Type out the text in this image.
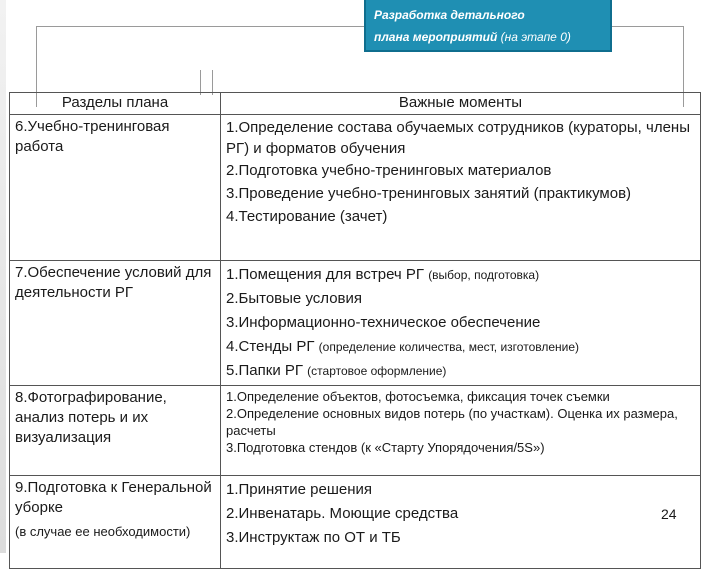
Разработка детального
плана мероприятий (на этапе 0)
Разделы плана	Важные моменты

6.Учебно-тренинговая работа	1.Определение состава обучаемых сотрудников (кураторы, члены РГ) и форматов обучения
2.Подготовка учебно-тренинговых материалов
3.Проведение учебно-тренинговых занятий (практикумов)
4.Тестирование (зачет)

7.Обеспечение условий для деятельности РГ	1.Помещения для встреч РГ (выбор, подготовка)
2.Бытовые условия
3.Информационно-техническое обеспечение
4.Стенды РГ (определение количества, мест, изготовление)
5.Папки РГ (стартовое оформление)

8.Фотографирование, анализ потерь и их визуализация	1.Определение объектов, фотосъемка, фиксация точек съемки
2.Определение основных видов потерь (по участкам). Оценка их размера, расчеты
3.Подготовка стендов (к «Старту Упорядочения/5S»)

9.Подготовка к Генеральной уборке
(в случае ее необходимости)	1.Принятие решения
2.Инвенатарь. Моющие средства
3.Инструктаж по ОТ и ТБ
24
